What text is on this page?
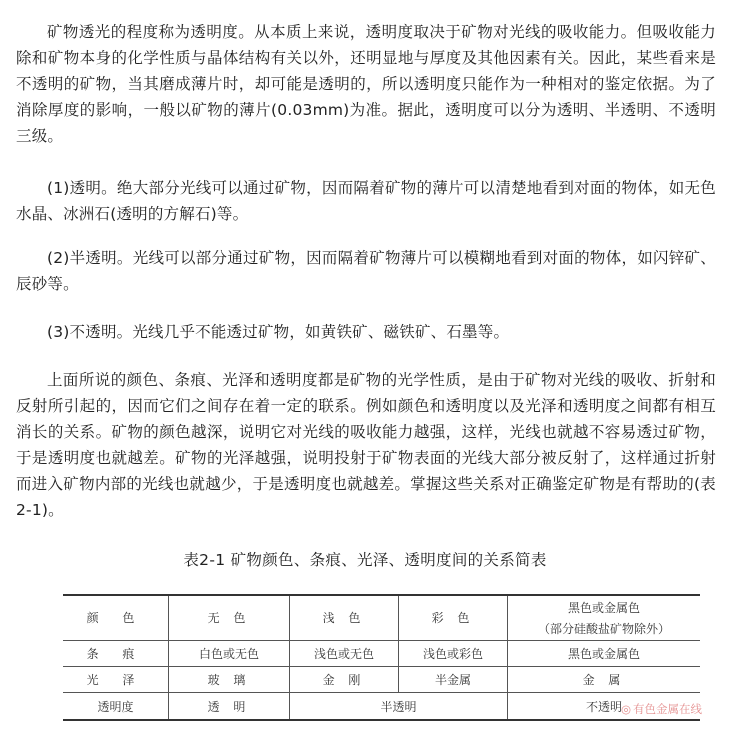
矿物透光的程度称为透明度。从本质上来说，透明度取决于矿物对光线的吸收能力。但吸收能力除和矿物本身的化学性质与晶体结构有关以外，还明显地与厚度及其他因素有关。因此，某些看来是不透明的矿物，当其磨成薄片时，却可能是透明的，所以透明度只能作为一种相对的鉴定依据。为了消除厚度的影响，一般以矿物的薄片(0.03mm)为准。据此，透明度可以分为透明、半透明、不透明三级。

(1)透明。绝大部分光线可以通过矿物，因而隔着矿物的薄片可以清楚地看到对面的物体，如无色水晶、冰洲石(透明的方解石)等。

(2)半透明。光线可以部分通过矿物，因而隔着矿物薄片可以模糊地看到对面的物体，如闪锌矿、辰砂等。

(3)不透明。光线几乎不能透过矿物，如黄铁矿、磁铁矿、石墨等。

上面所说的颜色、条痕、光泽和透明度都是矿物的光学性质，是由于矿物对光线的吸收、折射和反射所引起的，因而它们之间存在着一定的联系。例如颜色和透明度以及光泽和透明度之间都有相互消长的关系。矿物的颜色越深，说明它对光线的吸收能力越强，这样，光线也就越不容易透过矿物，于是透明度也就越差。矿物的光泽越强，说明投射于矿物表面的光线大部分被反射了，这样通过折射而进入矿物内部的光线也就越少，于是透明度也就越差。掌握这些关系对正确鉴定矿物是有帮助的(表2-1)。

表2-1 矿物颜色、条痕、光泽、透明度间的关系简表
颜 色	无 色	浅 色	彩 色	黑色或金属色
（部分硅酸盐矿物除外）

条 痕	白色或无色	浅色或无色	浅色或彩色	黑色或金属色
光 泽	玻 璃	金 刚	半金属	金 属
透明度	透 明	半透明		不透明
◎ 有色金属在线
